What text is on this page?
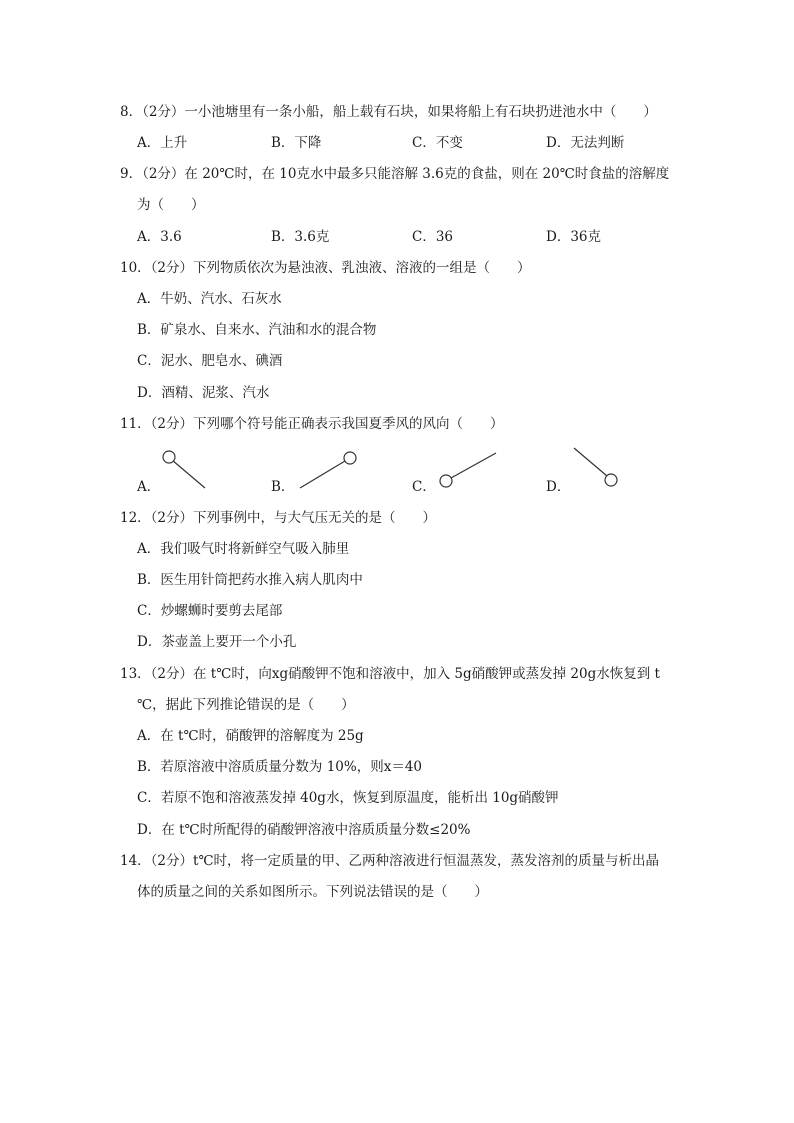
8．（2分）一小池塘里有一条小船，船上载有石块，如果将船上有石块扔进池水中（　　）
A．上升	B．下降	C．不变	D．无法判断
9．（2分）在 20℃时，在 10克水中最多只能溶解 3.6克的食盐，则在 20℃时食盐的溶解度
为（　　）
A．3.6	B．3.6克	C．36	D．36克
10．（2分）下列物质依次为悬浊液、乳浊液、溶液的一组是（　　）
A．牛奶、汽水、石灰水
B．矿泉水、自来水、汽油和水的混合物
C．泥水、肥皂水、碘酒
D．酒精、泥浆、汽水
11．（2分）下列哪个符号能正确表示我国夏季风的风向（　　）
A．	B．	C．	D．
12．（2分）下列事例中，与大气压无关的是（　　）
A．我们吸气时将新鲜空气吸入肺里
B．医生用针筒把药水推入病人肌肉中
C．炒螺蛳时要剪去尾部
D．茶壶盖上要开一个小孔
13．（2分）在 t℃时，向xg硝酸钾不饱和溶液中，加入 5g硝酸钾或蒸发掉 20g水恢复到 t
℃，据此下列推论错误的是（　　）
A．在 t℃时，硝酸钾的溶解度为 25g
B．若原溶液中溶质质量分数为 10%，则x＝40
C．若原不饱和溶液蒸发掉 40g水，恢复到原温度，能析出 10g硝酸钾
D．在 t℃时所配得的硝酸钾溶液中溶质质量分数≤20%
14．（2分）t℃时，将一定质量的甲、乙两种溶液进行恒温蒸发，蒸发溶剂的质量与析出晶
体的质量之间的关系如图所示。下列说法错误的是（　　）
